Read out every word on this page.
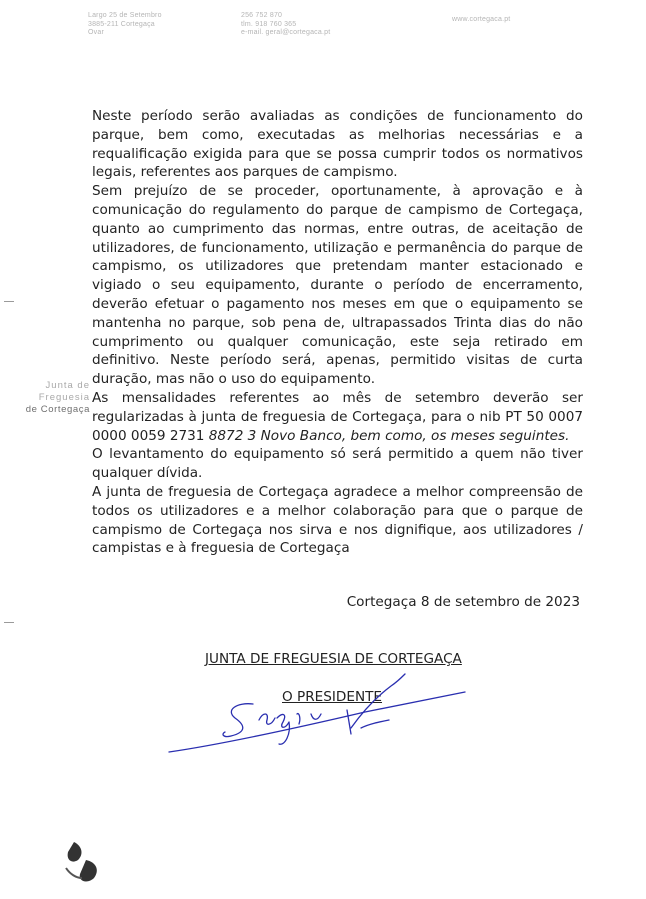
Largo 25 de Setembro
3885-211 Cortegaça
Ovar
256 752 870
tlm. 918 760 365
e-mail. geral@cortegaca.pt
www.cortegaca.pt
Junta de Freguesia
de Cortegaça

Neste período serão avaliadas as condições de funcionamento do parque, bem como, executadas as melhorias necessárias e a requalificação exigida para que se possa cumprir todos os normativos legais, referentes aos parques de campismo.

Sem prejuízo de se proceder, oportunamente, à aprovação e à comunicação do regulamento do parque de campismo de Cortegaça, quanto ao cumprimento das normas, entre outras, de aceitação de utilizadores, de funcionamento, utilização e permanência do parque de campismo, os utilizadores que pretendam manter estacionado e vigiado o seu equipamento, durante o período de encerramento, deverão efetuar o pagamento nos meses em que o equipamento se mantenha no parque, sob pena de, ultrapassados Trinta dias do não cumprimento ou qualquer comunicação, este seja retirado em definitivo. Neste período será, apenas, permitido visitas de curta duração, mas não o uso do equipamento.

As mensalidades referentes ao mês de setembro deverão ser regularizadas à junta de freguesia de Cortegaça, para o nib PT 50 0007 0000 0059 2731 8872 3 Novo Banco, bem como, os meses seguintes.

O levantamento do equipamento só será permitido a quem não tiver qualquer dívida.

A junta de freguesia de Cortegaça agradece a melhor compreensão de todos os utilizadores e a melhor colaboração para que o parque de campismo de Cortegaça nos sirva e nos dignifique, aos utilizadores / campistas e à freguesia de Cortegaça

Cortegaça 8 de setembro de 2023
JUNTA DE FREGUESIA DE CORTEGAÇA
O PRESIDENTE
